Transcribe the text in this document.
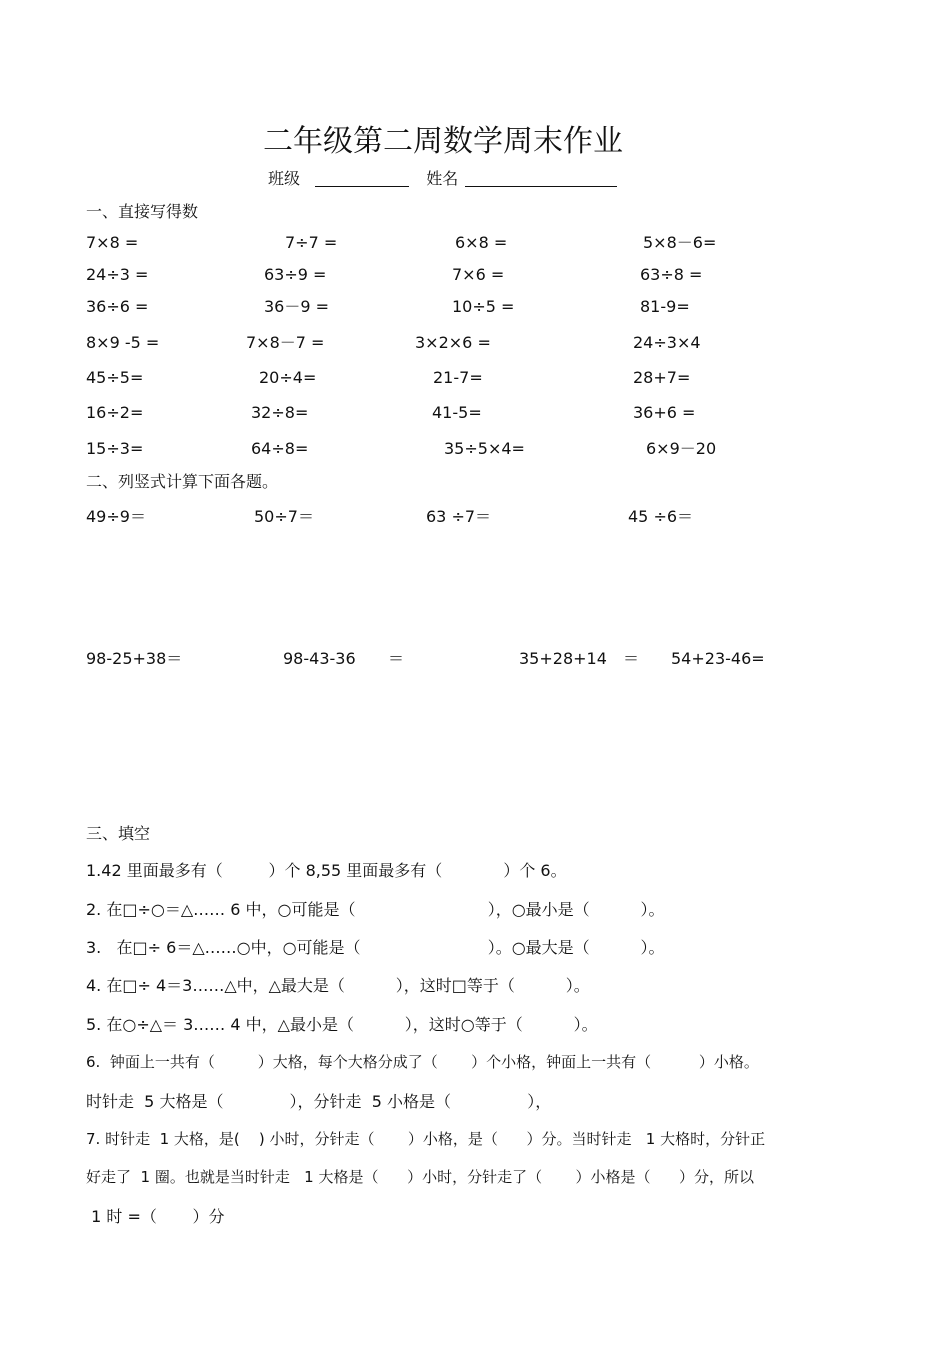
二年级第二周数学周末作业
班级	姓名
一、直接写得数
7×8 =	7÷7 =	6×8 =	5×8－6=
24÷3 =	63÷9 =	7×6 =	63÷8 =
36÷6 =	36－9 =	10÷5 =	81-9=
8×9 -5 =	7×8－7 =	3×2×6 =	24÷3×4
45÷5=	20÷4=	21-7=	28+7=
16÷2=	32÷8=	41-5=	36+6 =
15÷3=	64÷8=	35÷5×4=	6×9－20
二、列竖式计算下面各题。
49÷9＝	50÷7＝	63 ÷7＝	45 ÷6＝
98-25+38＝	98-43-36 ＝	35+28+14 ＝ 54+23-46=
三、填空
1.42 里面最多有（         ）个 8,55 里面最多有（            ）个 6。
2. 在□÷○＝△…… 6 中，○可能是（                          ），○最小是（          ）。
3.   在□÷ 6＝△……○中，○可能是（                         ）。○最大是（          ）。
4. 在□÷ 4＝3……△中，△最大是（          ），这时□等于（          ）。
5. 在○÷△＝ 3…… 4 中，△最小是（          ），这时○等于（          ）。
6.  钟面上一共有（         ）大格，每个大格分成了（       ）个小格，钟面上一共有（          ）小格。
时针走  5 大格是（             ），分针走  5 小格是（               ），
7. 时针走  1 大格，是(    ) 小时，分针走（       ）小格，是（      ）分。当时针走   1 大格时，分针正
好走了  1 圈。也就是当时针走   1 大格是（      ）小时，分针走了（       ）小格是（      ）分，所以
1 时 =（       ）分
